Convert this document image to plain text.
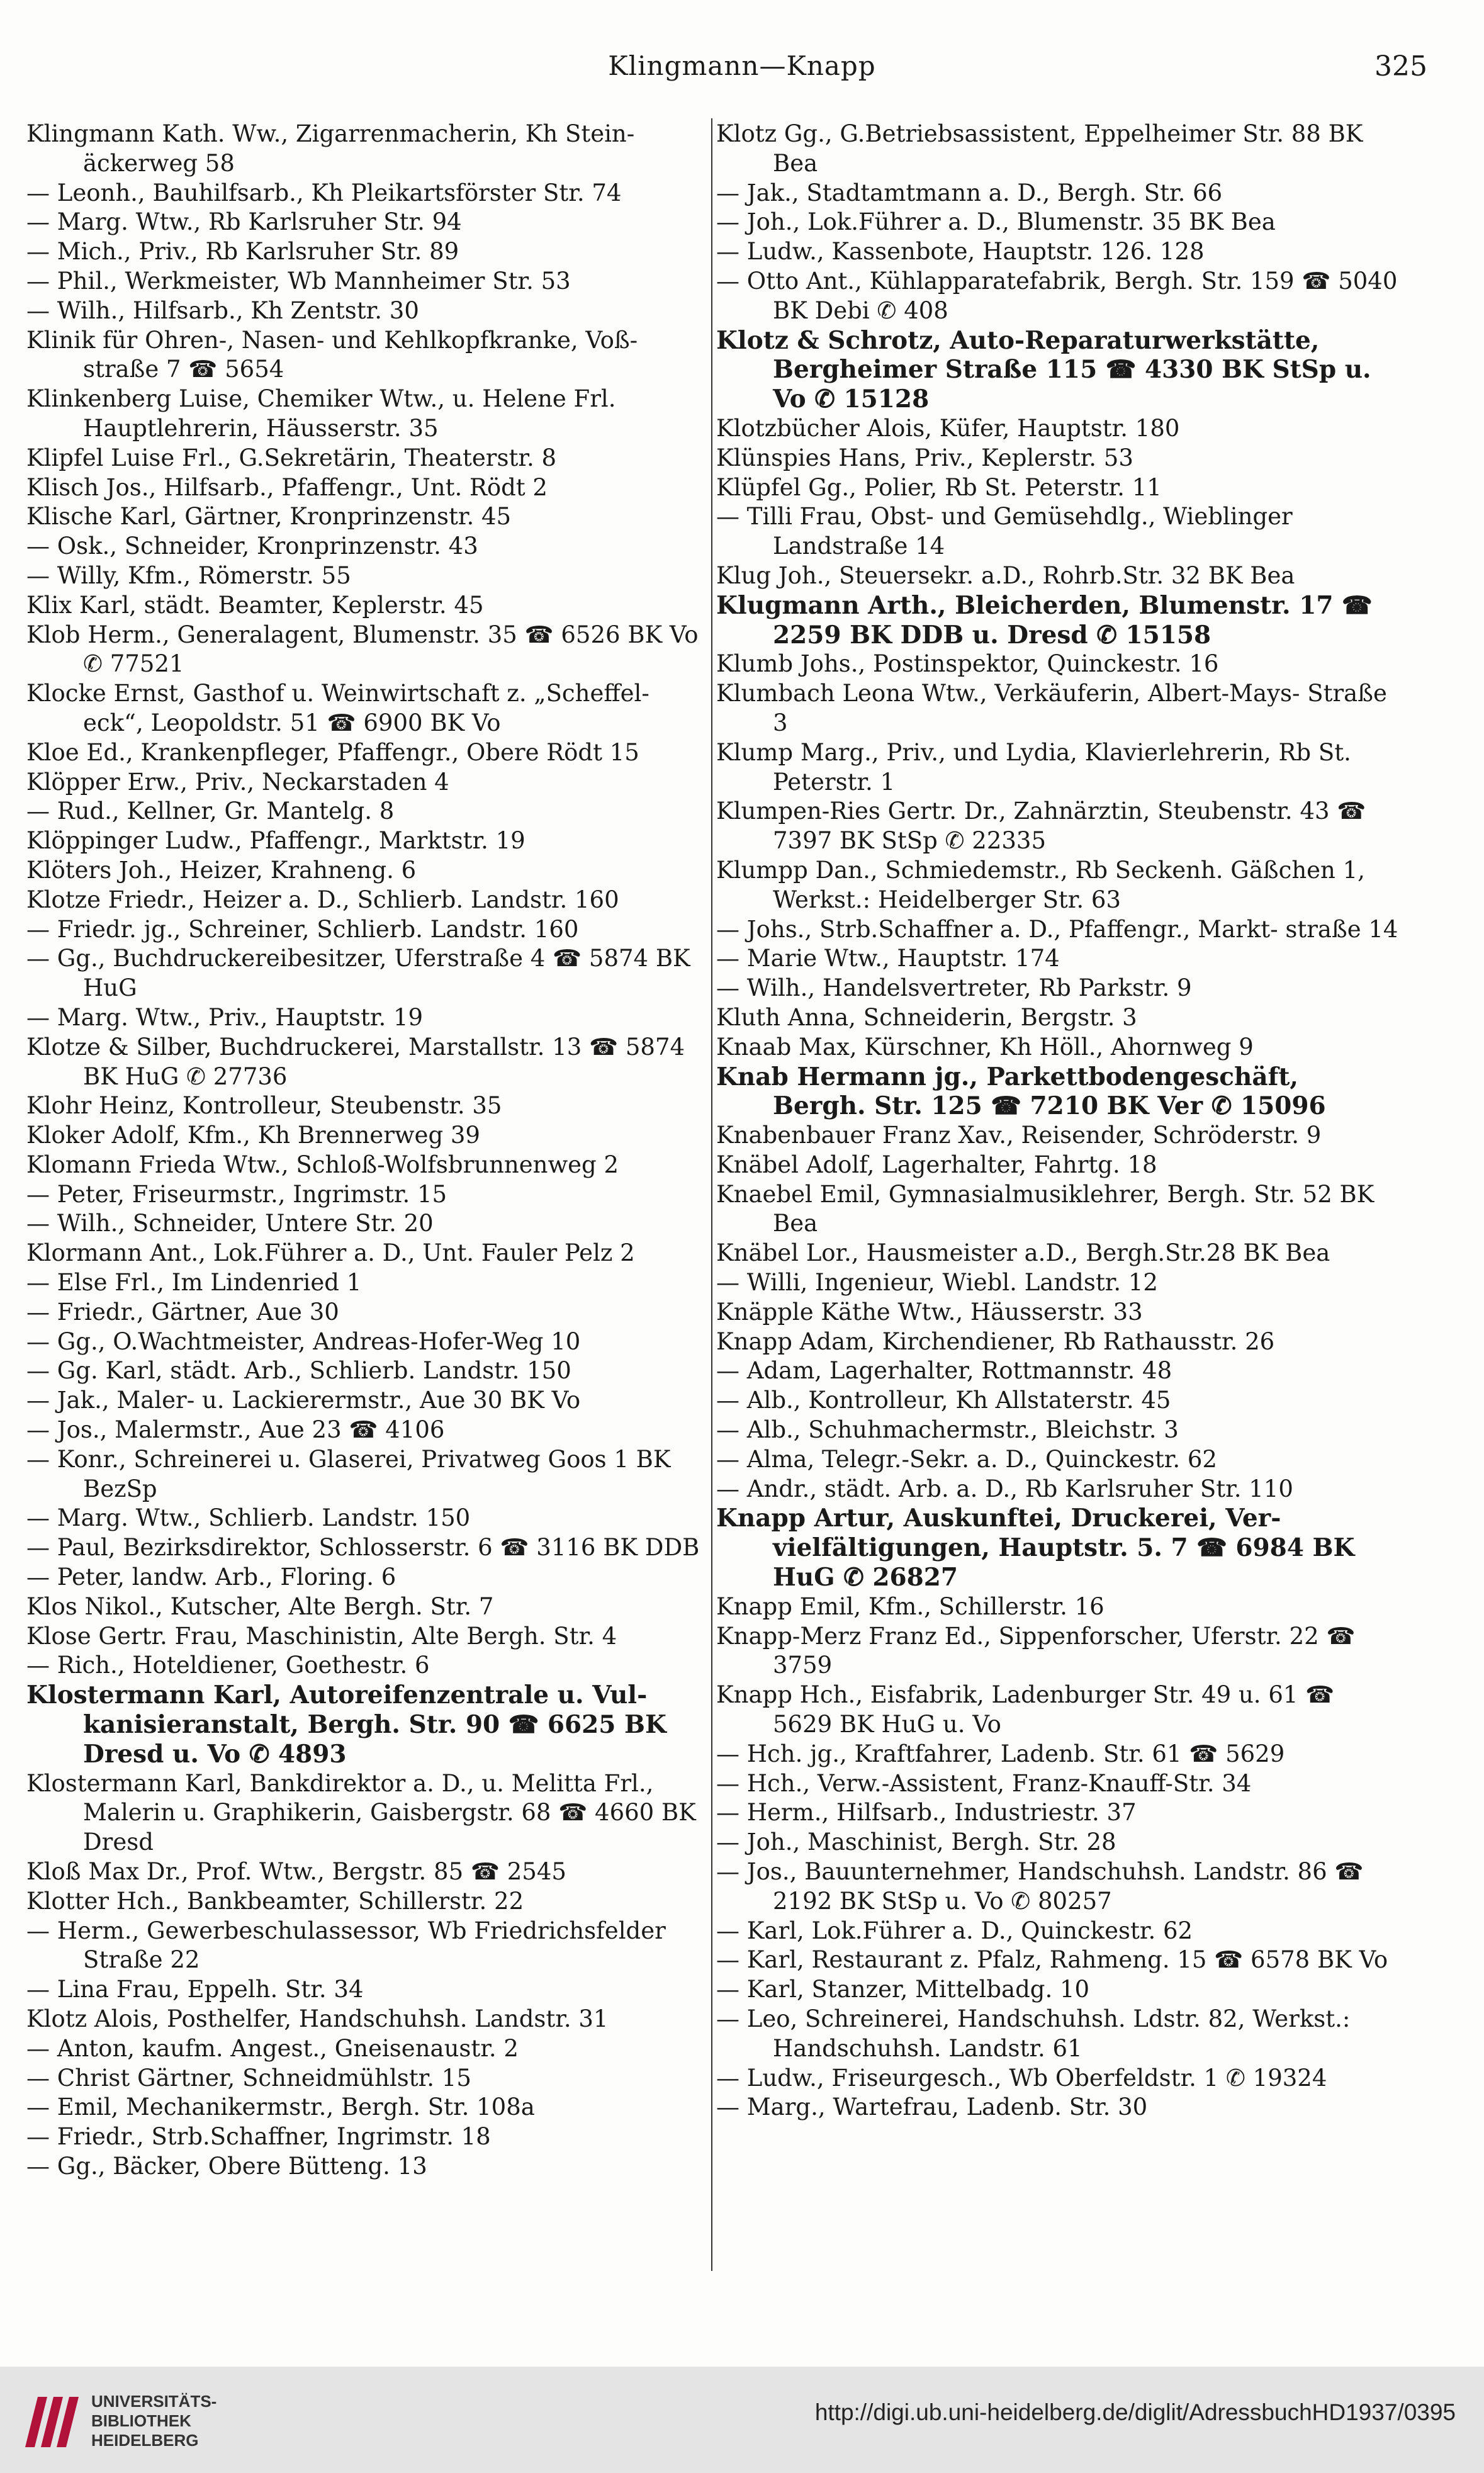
Klingmann—Knapp	325

Klingmann Kath. Ww., Zigarrenmacherin, Kh Stein- äckerweg 58

— Leonh., Bauhilfsarb., Kh Pleikartsförster Str. 74

— Marg. Wtw., Rb Karlsruher Str. 94

— Mich., Priv., Rb Karlsruher Str. 89

— Phil., Werkmeister, Wb Mannheimer Str. 53

— Wilh., Hilfsarb., Kh Zentstr. 30

Klinik für Ohren-, Nasen- und Kehlkopfkranke, Voß- straße 7 ☎ 5654

Klinkenberg Luise, Chemiker Wtw., u. Helene Frl. Hauptlehrerin, Häusserstr. 35

Klipfel Luise Frl., G.Sekretärin, Theaterstr. 8

Klisch Jos., Hilfsarb., Pfaffengr., Unt. Rödt 2

Klische Karl, Gärtner, Kronprinzenstr. 45

— Osk., Schneider, Kronprinzenstr. 43

— Willy, Kfm., Römerstr. 55

Klix Karl, städt. Beamter, Keplerstr. 45

Klob Herm., Generalagent, Blumenstr. 35 ☎ 6526 BK Vo ✆ 77521

Klocke Ernst, Gasthof u. Weinwirtschaft z. „Scheffel- eck“, Leopoldstr. 51 ☎ 6900 BK Vo

Kloe Ed., Krankenpfleger, Pfaffengr., Obere Rödt 15

Klöpper Erw., Priv., Neckarstaden 4

— Rud., Kellner, Gr. Mantelg. 8

Klöppinger Ludw., Pfaffengr., Marktstr. 19

Klöters Joh., Heizer, Krahneng. 6

Klotze Friedr., Heizer a. D., Schlierb. Landstr. 160

— Friedr. jg., Schreiner, Schlierb. Landstr. 160

— Gg., Buchdruckereibesitzer, Uferstraße 4 ☎ 5874 BK HuG

— Marg. Wtw., Priv., Hauptstr. 19

Klotze & Silber, Buchdruckerei, Marstallstr. 13 ☎ 5874 BK HuG ✆ 27736

Klohr Heinz, Kontrolleur, Steubenstr. 35

Kloker Adolf, Kfm., Kh Brennerweg 39

Klomann Frieda Wtw., Schloß-Wolfsbrunnenweg 2

— Peter, Friseurmstr., Ingrimstr. 15

— Wilh., Schneider, Untere Str. 20

Klormann Ant., Lok.Führer a. D., Unt. Fauler Pelz 2

— Else Frl., Im Lindenried 1

— Friedr., Gärtner, Aue 30

— Gg., O.Wachtmeister, Andreas-Hofer-Weg 10

— Gg. Karl, städt. Arb., Schlierb. Landstr. 150

— Jak., Maler- u. Lackierermstr., Aue 30 BK Vo

— Jos., Malermstr., Aue 23 ☎ 4106

— Konr., Schreinerei u. Glaserei, Privatweg Goos 1 BK BezSp

— Marg. Wtw., Schlierb. Landstr. 150

— Paul, Bezirksdirektor, Schlosserstr. 6 ☎ 3116 BK DDB

— Peter, landw. Arb., Floring. 6

Klos Nikol., Kutscher, Alte Bergh. Str. 7

Klose Gertr. Frau, Maschinistin, Alte Bergh. Str. 4

— Rich., Hoteldiener, Goethestr. 6

Klostermann Karl, Autoreifenzentrale u. Vul- kanisieranstalt, Bergh. Str. 90 ☎ 6625 BK Dresd u. Vo ✆ 4893

Klostermann Karl, Bankdirektor a. D., u. Melitta Frl., Malerin u. Graphikerin, Gaisbergstr. 68 ☎ 4660 BK Dresd

Kloß Max Dr., Prof. Wtw., Bergstr. 85 ☎ 2545

Klotter Hch., Bankbeamter, Schillerstr. 22

— Herm., Gewerbeschulassessor, Wb Friedrichsfelder Straße 22

— Lina Frau, Eppelh. Str. 34

Klotz Alois, Posthelfer, Handschuhsh. Landstr. 31

— Anton, kaufm. Angest., Gneisenaustr. 2

— Christ Gärtner, Schneidmühlstr. 15

— Emil, Mechanikermstr., Bergh. Str. 108a

— Friedr., Strb.Schaffner, Ingrimstr. 18

— Gg., Bäcker, Obere Bütteng. 13

Klotz Gg., G.Betriebsassistent, Eppelheimer Str. 88 BK Bea

— Jak., Stadtamtmann a. D., Bergh. Str. 66

— Joh., Lok.Führer a. D., Blumenstr. 35 BK Bea

— Ludw., Kassenbote, Hauptstr. 126. 128

— Otto Ant., Kühlapparatefabrik, Bergh. Str. 159 ☎ 5040 BK Debi ✆ 408

Klotz & Schrotz, Auto-Reparaturwerkstätte, Bergheimer Straße 115 ☎ 4330 BK StSp u. Vo ✆ 15128

Klotzbücher Alois, Küfer, Hauptstr. 180

Klünspies Hans, Priv., Keplerstr. 53

Klüpfel Gg., Polier, Rb St. Peterstr. 11

— Tilli Frau, Obst- und Gemüsehdlg., Wieblinger Landstraße 14

Klug Joh., Steuersekr. a.D., Rohrb.Str. 32 BK Bea

Klugmann Arth., Bleicherden, Blumenstr. 17 ☎ 2259 BK DDB u. Dresd ✆ 15158

Klumb Johs., Postinspektor, Quinckestr. 16

Klumbach Leona Wtw., Verkäuferin, Albert-Mays- Straße 3

Klump Marg., Priv., und Lydia, Klavierlehrerin, Rb St. Peterstr. 1

Klumpen-Ries Gertr. Dr., Zahnärztin, Steubenstr. 43 ☎ 7397 BK StSp ✆ 22335

Klumpp Dan., Schmiedemstr., Rb Seckenh. Gäßchen 1, Werkst.: Heidelberger Str. 63

— Johs., Strb.Schaffner a. D., Pfaffengr., Markt- straße 14

— Marie Wtw., Hauptstr. 174

— Wilh., Handelsvertreter, Rb Parkstr. 9

Kluth Anna, Schneiderin, Bergstr. 3

Knaab Max, Kürschner, Kh Höll., Ahornweg 9

Knab Hermann jg., Parkettbodengeschäft, Bergh. Str. 125 ☎ 7210 BK Ver ✆ 15096

Knabenbauer Franz Xav., Reisender, Schröderstr. 9

Knäbel Adolf, Lagerhalter, Fahrtg. 18

Knaebel Emil, Gymnasialmusiklehrer, Bergh. Str. 52 BK Bea

Knäbel Lor., Hausmeister a.D., Bergh.Str.28 BK Bea

— Willi, Ingenieur, Wiebl. Landstr. 12

Knäpple Käthe Wtw., Häusserstr. 33

Knapp Adam, Kirchendiener, Rb Rathausstr. 26

— Adam, Lagerhalter, Rottmannstr. 48

— Alb., Kontrolleur, Kh Allstaterstr. 45

— Alb., Schuhmachermstr., Bleichstr. 3

— Alma, Telegr.-Sekr. a. D., Quinckestr. 62

— Andr., städt. Arb. a. D., Rb Karlsruher Str. 110

Knapp Artur, Auskunftei, Druckerei, Ver- vielfältigungen, Hauptstr. 5. 7 ☎ 6984 BK HuG ✆ 26827

Knapp Emil, Kfm., Schillerstr. 16

Knapp-Merz Franz Ed., Sippenforscher, Uferstr. 22 ☎ 3759

Knapp Hch., Eisfabrik, Ladenburger Str. 49 u. 61 ☎ 5629 BK HuG u. Vo

— Hch. jg., Kraftfahrer, Ladenb. Str. 61 ☎ 5629

— Hch., Verw.-Assistent, Franz-Knauff-Str. 34

— Herm., Hilfsarb., Industriestr. 37

— Joh., Maschinist, Bergh. Str. 28

— Jos., Bauunternehmer, Handschuhsh. Landstr. 86 ☎ 2192 BK StSp u. Vo ✆ 80257

— Karl, Lok.Führer a. D., Quinckestr. 62

— Karl, Restaurant z. Pfalz, Rahmeng. 15 ☎ 6578 BK Vo

— Karl, Stanzer, Mittelbadg. 10

— Leo, Schreinerei, Handschuhsh. Ldstr. 82, Werkst.: Handschuhsh. Landstr. 61

— Ludw., Friseurgesch., Wb Oberfeldstr. 1 ✆ 19324

— Marg., Wartefrau, Ladenb. Str. 30

UNIVERSITÄTS-
BIBLIOTHEK
HEIDELBERG
http://digi.ub.uni-heidelberg.de/diglit/AdressbuchHD1937/0395
